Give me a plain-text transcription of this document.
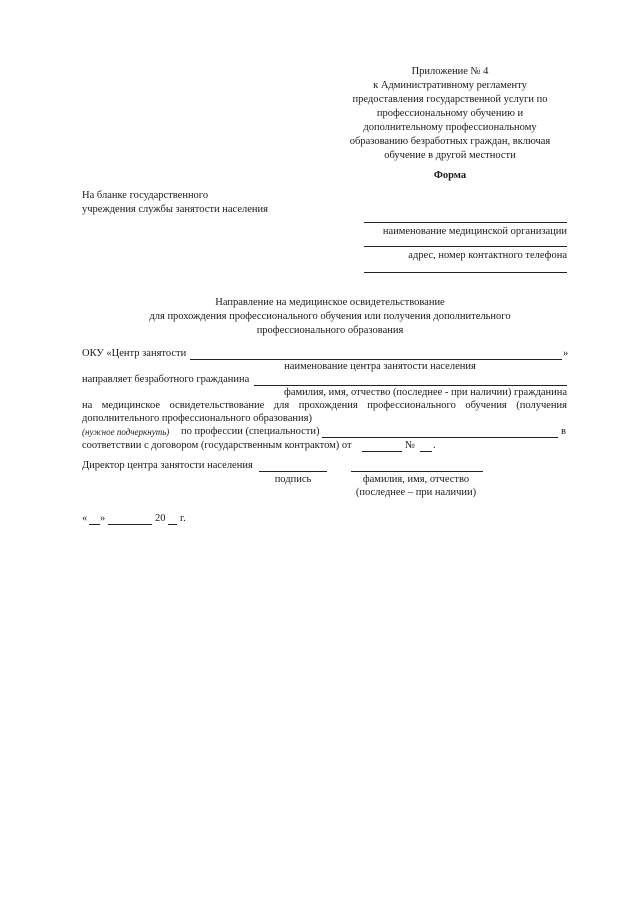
Приложение № 4
к Административному регламенту
предоставления государственной услуги по
профессиональному обучению и
дополнительному профессиональному
образованию безработных граждан, включая
обучение в другой местности
Форма
На бланке государственного
учреждения службы занятости населения
наименование медицинской организации
адрес, номер контактного телефона
Направление на медицинское освидетельствование
для прохождения профессионального обучения или получения дополнительного
профессионального образования
ОКУ «Центр занятости	»
наименование центра занятости населения
направляет безработного гражданина
фамилия, имя, отчество (последнее - при наличии) гражданина
на медицинское освидетельствование для прохождения профессионального обучения (получения
дополнительного профессионального образования)
(нужное подчеркнуть) по профессии (специальности)	в
соответствии с договором (государственным контрактом) от	№ .
Директор центра занятости населения
подпись	фамилия, имя, отчество
(последнее – при наличии)
« »	20 г.
